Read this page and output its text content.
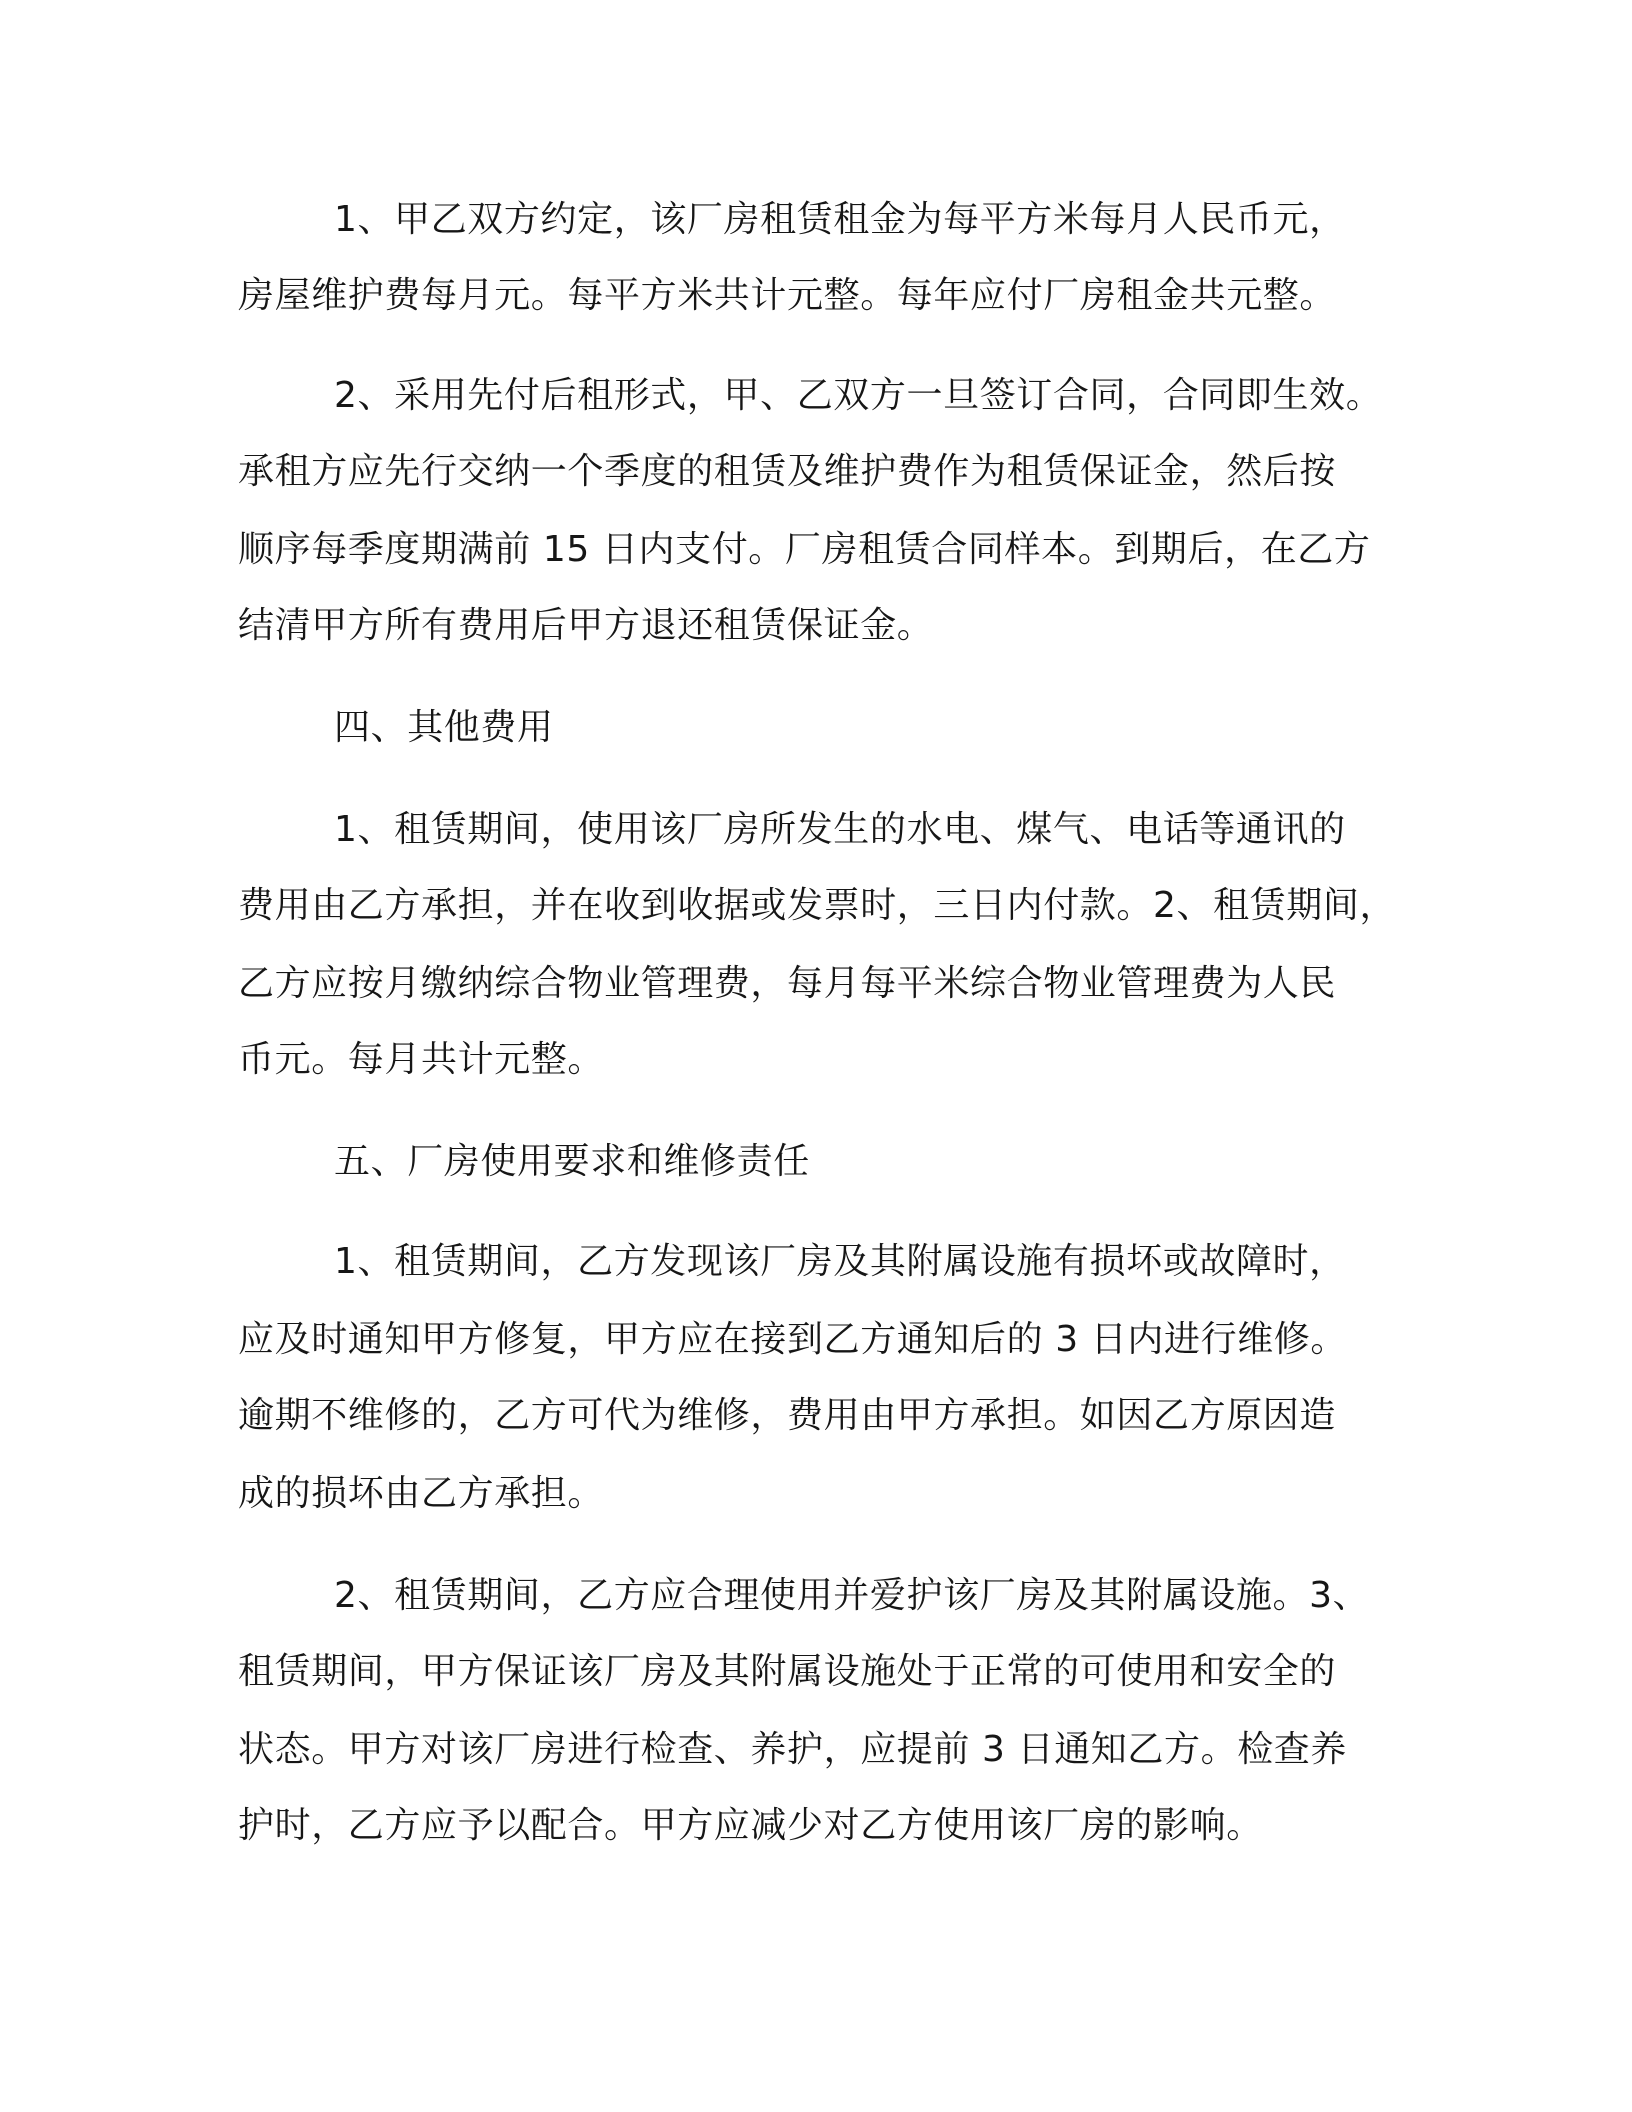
1、甲乙双方约定，该厂房租赁租金为每平方米每月人民币元，

房屋维护费每月元。每平方米共计元整。每年应付厂房租金共元整。

2、采用先付后租形式，甲、乙双方一旦签订合同，合同即生效。

承租方应先行交纳一个季度的租赁及维护费作为租赁保证金，然后按

顺序每季度期满前 15 日内支付。厂房租赁合同样本。到期后，在乙方

结清甲方所有费用后甲方退还租赁保证金。

四、其他费用

1、租赁期间，使用该厂房所发生的水电、煤气、电话等通讯的

费用由乙方承担，并在收到收据或发票时，三日内付款。2、租赁期间，

乙方应按月缴纳综合物业管理费，每月每平米综合物业管理费为人民

币元。每月共计元整。

五、厂房使用要求和维修责任

1、租赁期间，乙方发现该厂房及其附属设施有损坏或故障时，

应及时通知甲方修复，甲方应在接到乙方通知后的 3 日内进行维修。

逾期不维修的，乙方可代为维修，费用由甲方承担。如因乙方原因造

成的损坏由乙方承担。

2、租赁期间，乙方应合理使用并爱护该厂房及其附属设施。3、

租赁期间，甲方保证该厂房及其附属设施处于正常的可使用和安全的

状态。甲方对该厂房进行检查、养护，应提前 3 日通知乙方。检查养

护时，乙方应予以配合。甲方应减少对乙方使用该厂房的影响。
